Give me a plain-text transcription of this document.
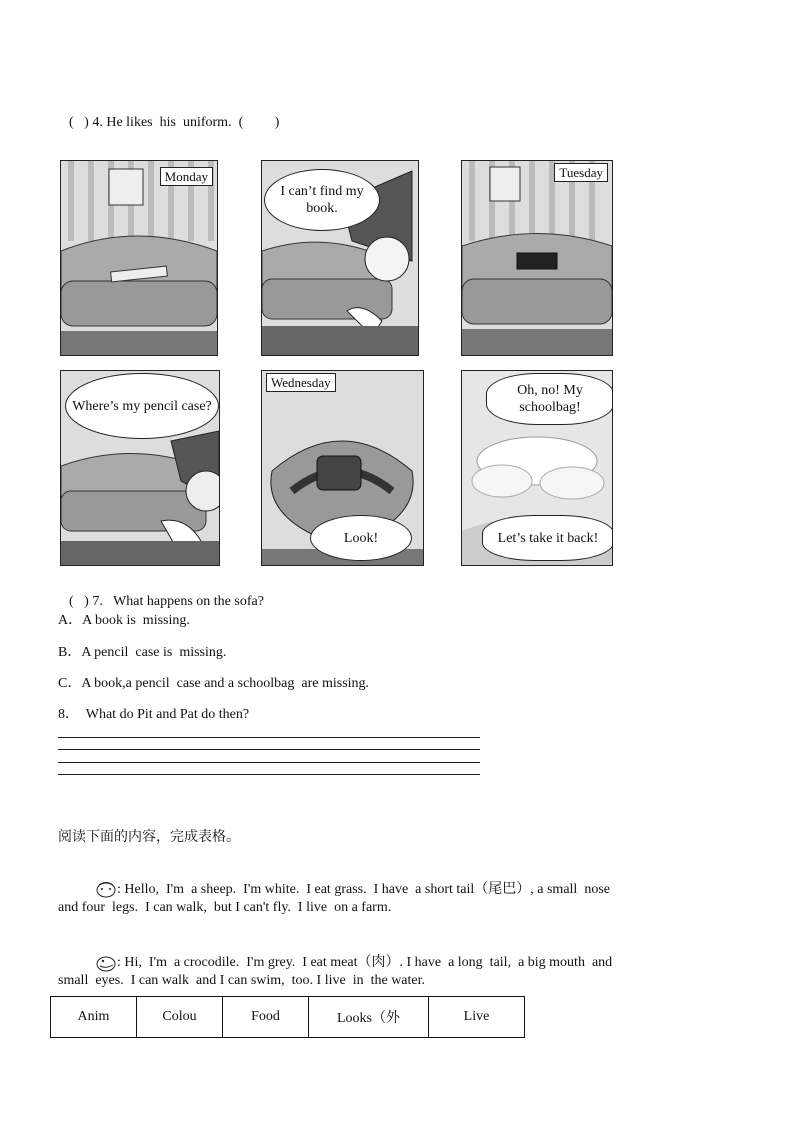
( ) 4. He likes  his  uniform. ( )

Monday
I can’t find my book.
Tuesday
Where’s my pencil case?
Wednesday
Look!
Oh, no! My schoolbag!
Let’s take it back!

( ) 7.   What happens on the sofa?

A．A book is  missing.
B．A pencil  case is  missing.
C．A book,a pencil  case and a schoolbag  are missing.
8．  What do Pit and Pat do then?
阅读下面的内容，完成表格。

: Hello,  I'm  a sheep.  I'm white.  I eat grass.  I have  a short tail（尾巴）, a small  nose

and four  legs.  I can walk,  but I can't fly.  I live  on a farm.

: Hi,  I'm  a crocodile.  I'm grey.  I eat meat（肉）. I have  a long  tail,  a big mouth  and

small  eyes.  I can walk  and I can swim,  too. I live  in  the water.
Anim	Colou	Food	Looks（外	Live
